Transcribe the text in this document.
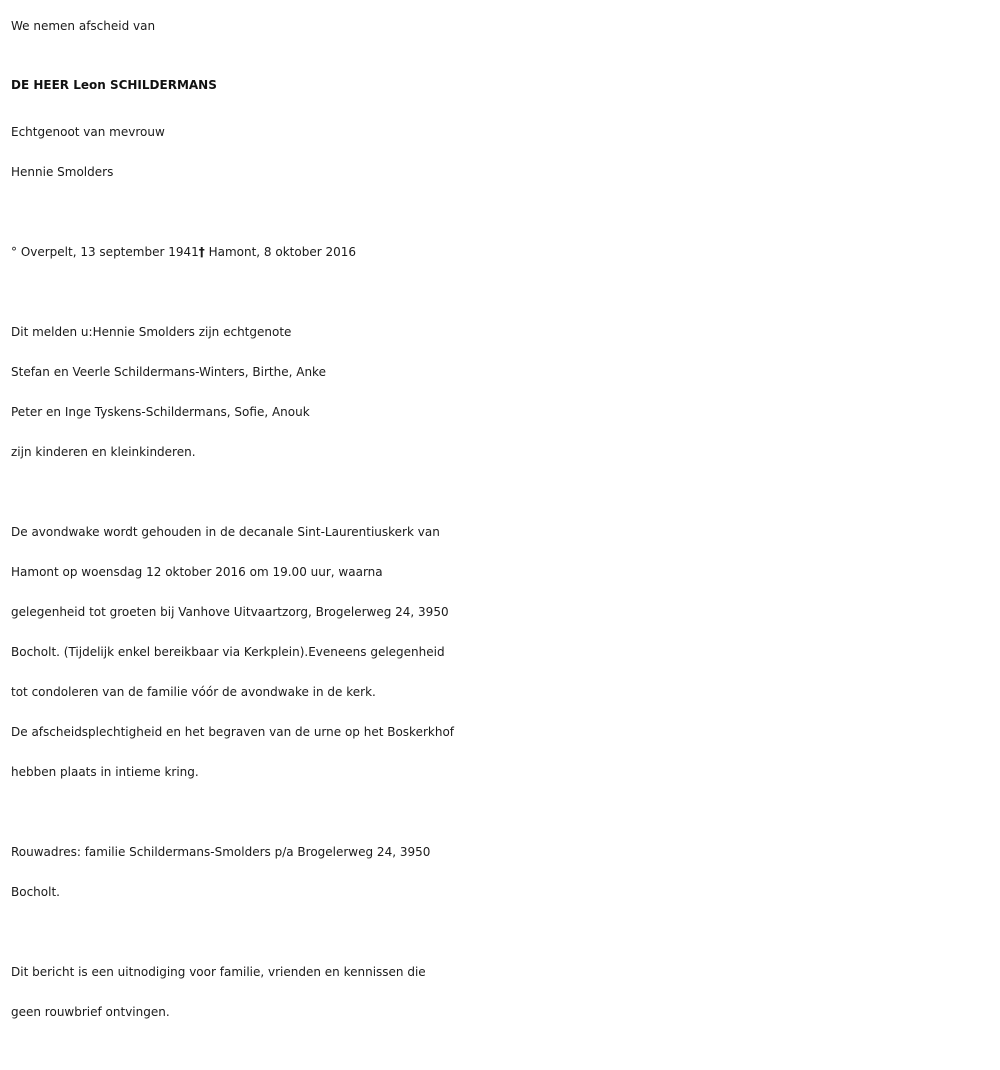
We nemen afscheid van
DE HEER Leon SCHILDERMANS
Echtgenoot van mevrouw
Hennie Smolders
° Overpelt, 13 september 1941† Hamont, 8 oktober 2016
Dit melden u:Hennie Smolders zijn echtgenote
Stefan en Veerle Schildermans-Winters, Birthe, Anke
Peter en Inge Tyskens-Schildermans, Sofie, Anouk
zijn kinderen en kleinkinderen.
De avondwake wordt gehouden in de decanale Sint-Laurentiuskerk van
Hamont op woensdag 12 oktober 2016 om 19.00 uur, waarna
gelegenheid tot groeten bij Vanhove Uitvaartzorg, Brogelerweg 24, 3950
Bocholt. (Tijdelijk enkel bereikbaar via Kerkplein).Eveneens gelegenheid
tot condoleren van de familie vóór de avondwake in de kerk.
De afscheidsplechtigheid en het begraven van de urne op het Boskerkhof
hebben plaats in intieme kring.
Rouwadres: familie Schildermans-Smolders p/a Brogelerweg 24, 3950
Bocholt.
Dit bericht is een uitnodiging voor familie, vrienden en kennissen die
geen rouwbrief ontvingen.
